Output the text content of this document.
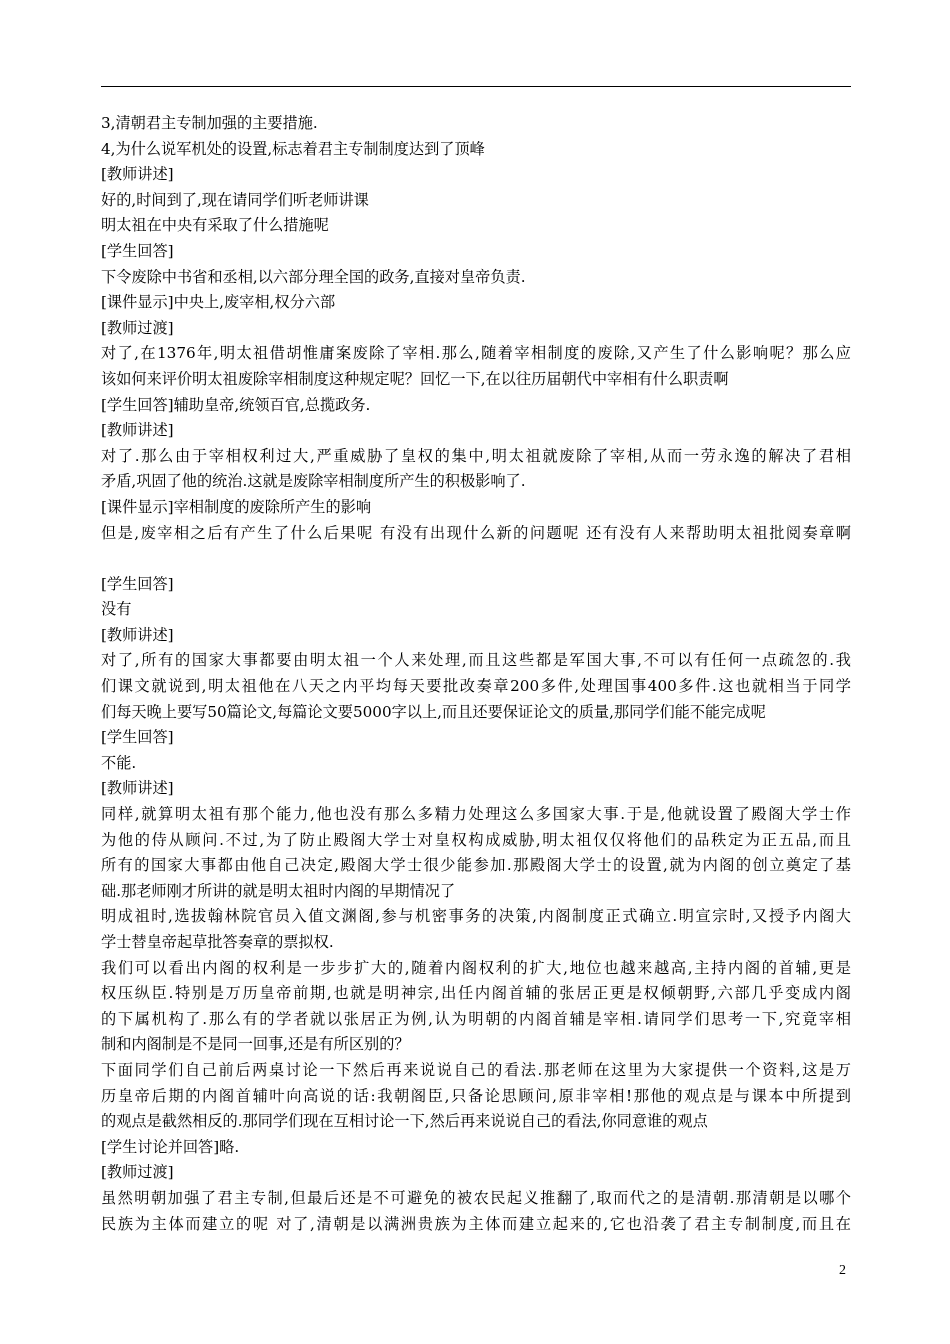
3,清朝君主专制加强的主要措施.
4,为什么说军机处的设置,标志着君主专制制度达到了顶峰
[教师讲述]
好的,时间到了,现在请同学们听老师讲课
明太祖在中央有采取了什么措施呢
[学生回答]
下令废除中书省和丞相,以六部分理全国的政务,直接对皇帝负责.
[课件显示]中央上,废宰相,权分六部
[教师过渡]
对了,在1376年,明太祖借胡惟庸案废除了宰相.那么,随着宰相制度的废除,又产生了什么影响呢？那么应
该如何来评价明太祖废除宰相制度这种规定呢？回忆一下,在以往历届朝代中宰相有什么职责啊
[学生回答]辅助皇帝,统领百官,总揽政务.
[教师讲述]
对了.那么由于宰相权利过大,严重威胁了皇权的集中,明太祖就废除了宰相,从而一劳永逸的解决了君相
矛盾,巩固了他的统治.这就是废除宰相制度所产生的积极影响了.
[课件显示]宰相制度的废除所产生的影响
但是,废宰相之后有产生了什么后果呢 有没有出现什么新的问题呢 还有没有人来帮助明太祖批阅奏章啊
[学生回答]
没有
[教师讲述]
对了,所有的国家大事都要由明太祖一个人来处理,而且这些都是军国大事,不可以有任何一点疏忽的.我
们课文就说到,明太祖他在八天之内平均每天要批改奏章200多件,处理国事400多件.这也就相当于同学
们每天晚上要写50篇论文,每篇论文要5000字以上,而且还要保证论文的质量,那同学们能不能完成呢
[学生回答]
不能.
[教师讲述]
同样,就算明太祖有那个能力,他也没有那么多精力处理这么多国家大事.于是,他就设置了殿阁大学士作
为他的侍从顾问.不过,为了防止殿阁大学士对皇权构成威胁,明太祖仅仅将他们的品秩定为正五品,而且
所有的国家大事都由他自己决定,殿阁大学士很少能参加.那殿阁大学士的设置,就为内阁的创立奠定了基
础.那老师刚才所讲的就是明太祖时内阁的早期情况了
明成祖时,选拔翰林院官员入值文渊阁,参与机密事务的决策,内阁制度正式确立.明宣宗时,又授予内阁大
学士替皇帝起草批答奏章的票拟权.
我们可以看出内阁的权利是一步步扩大的,随着内阁权利的扩大,地位也越来越高,主持内阁的首辅,更是
权压纵臣.特别是万历皇帝前期,也就是明神宗,出任内阁首辅的张居正更是权倾朝野,六部几乎变成内阁
的下属机构了.那么有的学者就以张居正为例,认为明朝的内阁首辅是宰相.请同学们思考一下,究竟宰相
制和内阁制是不是同一回事,还是有所区别的？
下面同学们自己前后两桌讨论一下然后再来说说自己的看法.那老师在这里为大家提供一个资料,这是万
历皇帝后期的内阁首辅叶向高说的话:我朝阁臣,只备论思顾问,原非宰相!那他的观点是与课本中所提到
的观点是截然相反的.那同学们现在互相讨论一下,然后再来说说自己的看法,你同意谁的观点
[学生讨论并回答]略.
[教师过渡]
虽然明朝加强了君主专制,但最后还是不可避免的被农民起义推翻了,取而代之的是清朝.那清朝是以哪个
民族为主体而建立的呢 对了,清朝是以满洲贵族为主体而建立起来的,它也沿袭了君主专制制度,而且在
2
